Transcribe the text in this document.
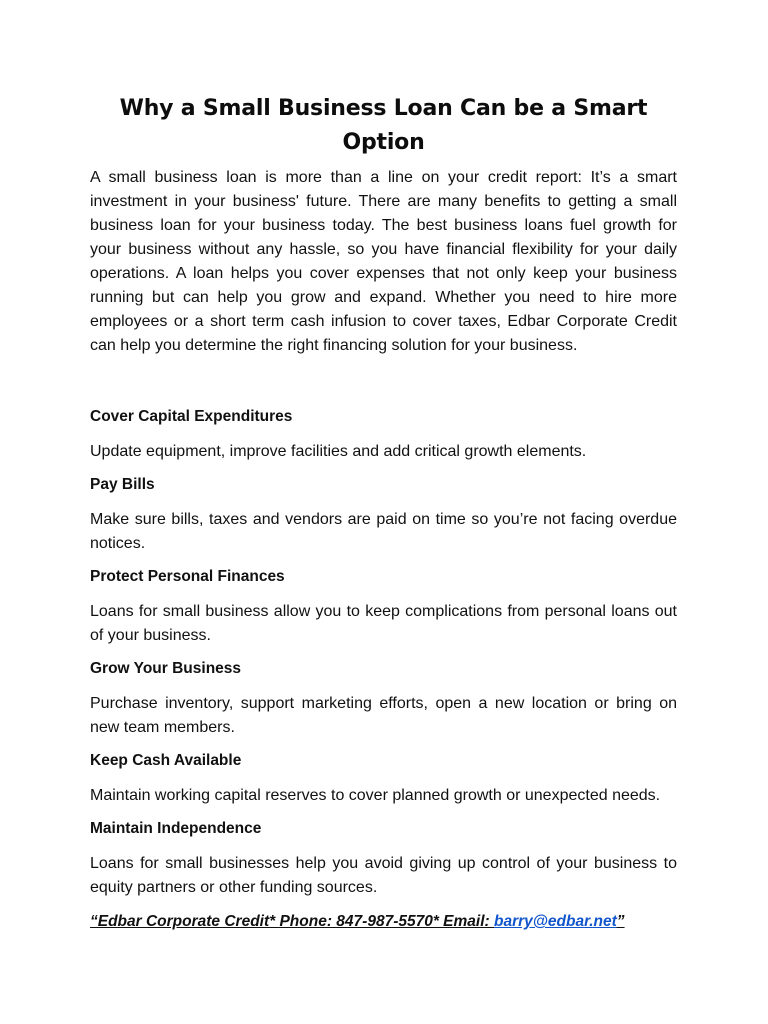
Why a Small Business Loan Can be a Smart Option

A small business loan is more than a line on your credit report: It’s a smart investment in your business' future. There are many benefits to getting a small business loan for your business today. The best business loans fuel growth for your business without any hassle, so you have financial flexibility for your daily operations. A loan helps you cover expenses that not only keep your business running but can help you grow and expand. Whether you need to hire more employees or a short term cash infusion to cover taxes, Edbar Corporate Credit can help you determine the right financing solution for your business.

Cover Capital Expenditures

Update equipment, improve facilities and add critical growth elements.

Pay Bills

Make sure bills, taxes and vendors are paid on time so you’re not facing overdue notices.

Protect Personal Finances

Loans for small business allow you to keep complications from personal loans out of your business.

Grow Your Business

Purchase inventory, support marketing efforts, open a new location or bring on new team members.

Keep Cash Available

Maintain working capital reserves to cover planned growth or unexpected needs.

Maintain Independence

Loans for small businesses help you avoid giving up control of your business to equity partners or other funding sources.

“Edbar Corporate Credit* Phone: 847-987-5570* Email: barry@edbar.net”
